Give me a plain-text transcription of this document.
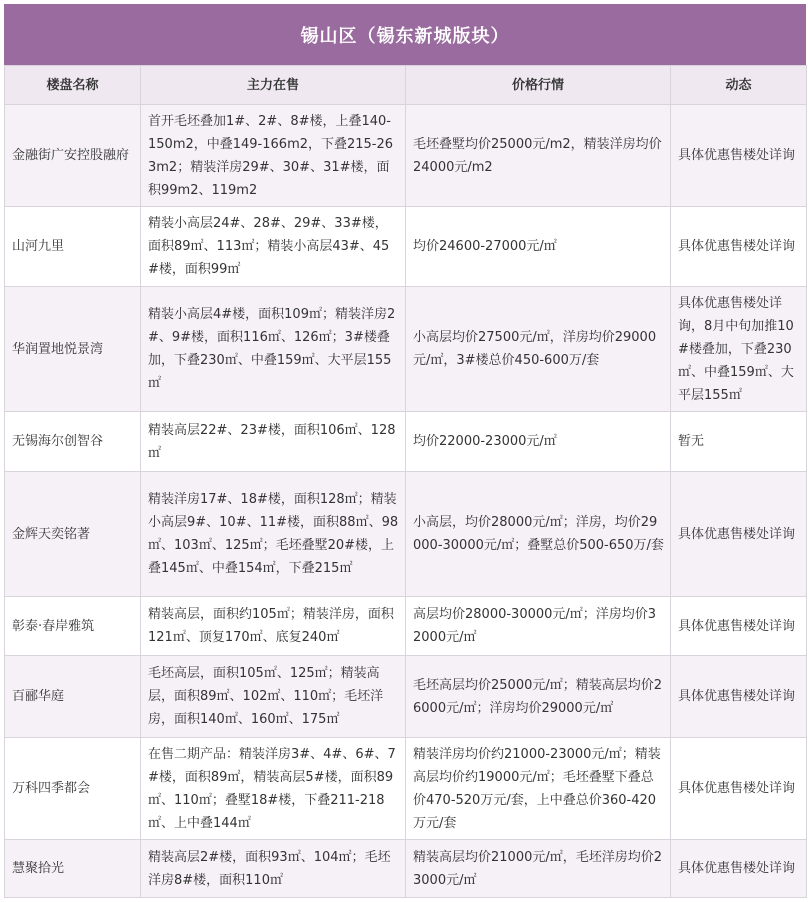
锡山区（锡东新城版块）
楼盘名称	主力在售	价格行情	动态
金融街广安控股融府	首开毛坯叠加1#、2#、8#楼，上叠140-150m2，中叠149-166m2，下叠215-263m2；精装洋房29#、30#、31#楼，面积99m2、119m2	毛坯叠墅均价25000元/m2，精装洋房均价24000元/m2	具体优惠售楼处详询
山河九里	精装小高层24#、28#、29#、33#楼，面积89㎡、113㎡；精装小高层43#、45#楼，面积99㎡	均价24600-27000元/㎡	具体优惠售楼处详询
华润置地悦景湾	精装小高层4#楼，面积109㎡；精装洋房2#、9#楼，面积116㎡、126㎡；3#楼叠加，下叠230㎡、中叠159㎡、大平层155㎡	小高层均价27500元/㎡，洋房均价29000元/㎡，3#楼总价450-600万/套	具体优惠售楼处详询，8月中旬加推10#楼叠加，下叠230㎡、中叠159㎡、大平层155㎡
无锡海尔创智谷	精装高层22#、23#楼，面积106㎡、128㎡	均价22000-23000元/㎡	暂无
金辉天奕铭著	精装洋房17#、18#楼，面积128㎡；精装小高层9#、10#、11#楼，面积88㎡、98㎡、103㎡、125㎡；毛坯叠墅20#楼，上叠145㎡、中叠154㎡，下叠215㎡	小高层，均价28000元/㎡；洋房，均价29000-30000元/㎡；叠墅总价500-650万/套	具体优惠售楼处详询
彰泰·春岸雅筑	精装高层，面积约105㎡；精装洋房，面积121㎡、顶复170㎡、底复240㎡	高层均价28000-30000元/㎡；洋房均价32000元/㎡	具体优惠售楼处详询
百郦华庭	毛坯高层，面积105㎡、125㎡；精装高层，面积89㎡、102㎡、110㎡；毛坯洋房，面积140㎡、160㎡、175㎡	毛坯高层均价25000元/㎡；精装高层均价26000元/㎡；洋房均价29000元/㎡	具体优惠售楼处详询
万科四季都会	在售二期产品：精装洋房3#、4#、6#、7#楼，面积89㎡，精装高层5#楼，面积89㎡、110㎡；叠墅18#楼，下叠211-218㎡、上中叠144㎡	精装洋房均价约21000-23000元/㎡；精装高层均价约19000元/㎡；毛坯叠墅下叠总价470-520万元/套，上中叠总价360-420万元/套	具体优惠售楼处详询
慧聚拾光	精装高层2#楼，面积93㎡、104㎡；毛坯洋房8#楼，面积110㎡	精装高层均价21000元/㎡，毛坯洋房均价23000元/㎡	具体优惠售楼处详询
